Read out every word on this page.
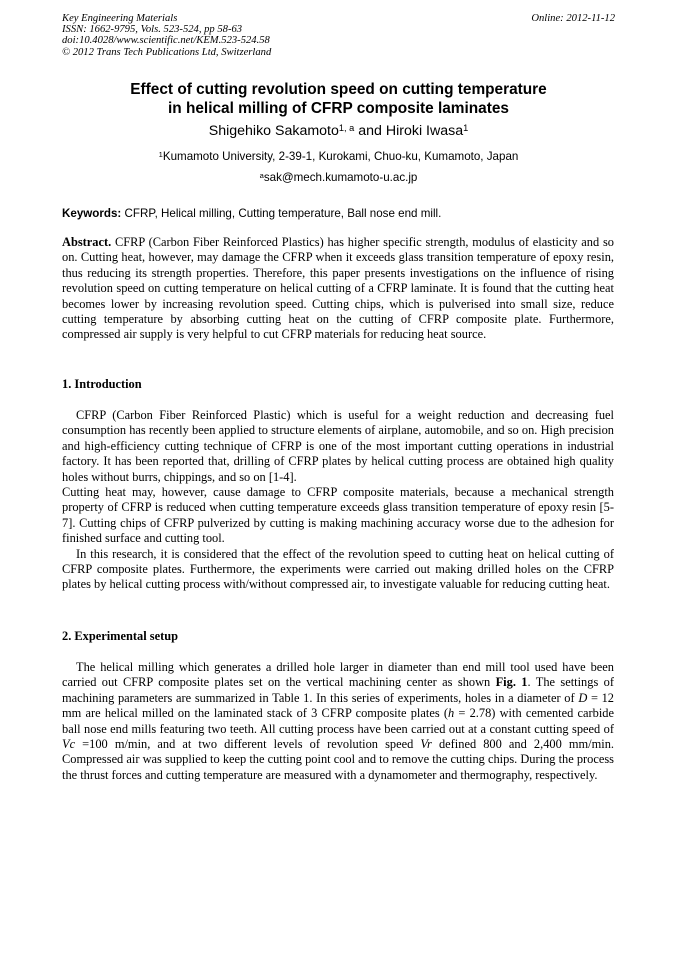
Key Engineering Materials
ISSN: 1662-9795, Vols. 523-524, pp 58-63
doi:10.4028/www.scientific.net/KEM.523-524.58
© 2012 Trans Tech Publications Ltd, Switzerland
Online: 2012-11-12
Effect of cutting revolution speed on cutting temperature
in helical milling of CFRP composite laminates
Shigehiko Sakamoto$^{1, a}$ and Hiroki Iwasa$^1$
$^1$Kumamoto University, 2-39-1, Kurokami, Chuo-ku, Kumamoto, Japan
$^a$sak@mech.kumamoto-u.ac.jp
Keywords: CFRP, Helical milling, Cutting temperature, Ball nose end mill.

Abstract. CFRP (Carbon Fiber Reinforced Plastics) has higher specific strength, modulus of elasticity and so on. Cutting heat, however, may damage the CFRP when it exceeds glass transition temperature of epoxy resin, thus reducing its strength properties. Therefore, this paper presents investigations on the influence of rising revolution speed on cutting temperature on helical cutting of a CFRP laminate. It is found that the cutting heat becomes lower by increasing revolution speed. Cutting chips, which is pulverised into small size, reduce cutting temperature by absorbing cutting heat on the cutting of CFRP composite plate. Furthermore, compressed air supply is very helpful to cut CFRP materials for reducing heat source.

1. Introduction

CFRP (Carbon Fiber Reinforced Plastic) which is useful for a weight reduction and decreasing fuel consumption has recently been applied to structure elements of airplane, automobile, and so on. High precision and high-efficiency cutting technique of CFRP is one of the most important cutting operations in industrial factory. It has been reported that, drilling of CFRP plates by helical cutting process are obtained high quality holes without burrs, chippings, and so on [1-4].

Cutting heat may, however, cause damage to CFRP composite materials, because a mechanical strength property of CFRP is reduced when cutting temperature exceeds glass transition temperature of epoxy resin [5-7]. Cutting chips of CFRP pulverized by cutting is making machining accuracy worse due to the adhesion for finished surface and cutting tool.

In this research, it is considered that the effect of the revolution speed to cutting heat on helical cutting of CFRP composite plates. Furthermore, the experiments were carried out making drilled holes on the CFRP plates by helical cutting process with/without compressed air, to investigate valuable for reducing cutting heat.

2. Experimental setup

The helical milling which generates a drilled hole larger in diameter than end mill tool used have been carried out CFRP composite plates set on the vertical machining center as shown Fig. 1. The settings of machining parameters are summarized in Table 1. In this series of experiments, holes in a diameter of D = 12 mm are helical milled on the laminated stack of 3 CFRP composite plates (h = 2.78) with cemented carbide ball nose end mills featuring two teeth. All cutting process have been carried out at a constant cutting speed of Vc =100 m/min, and at two different levels of revolution speed Vr defined 800 and 2,400 mm/min. Compressed air was supplied to keep the cutting point cool and to remove the cutting chips. During the process the thrust forces and cutting temperature are measured with a dynamometer and thermography, respectively.
